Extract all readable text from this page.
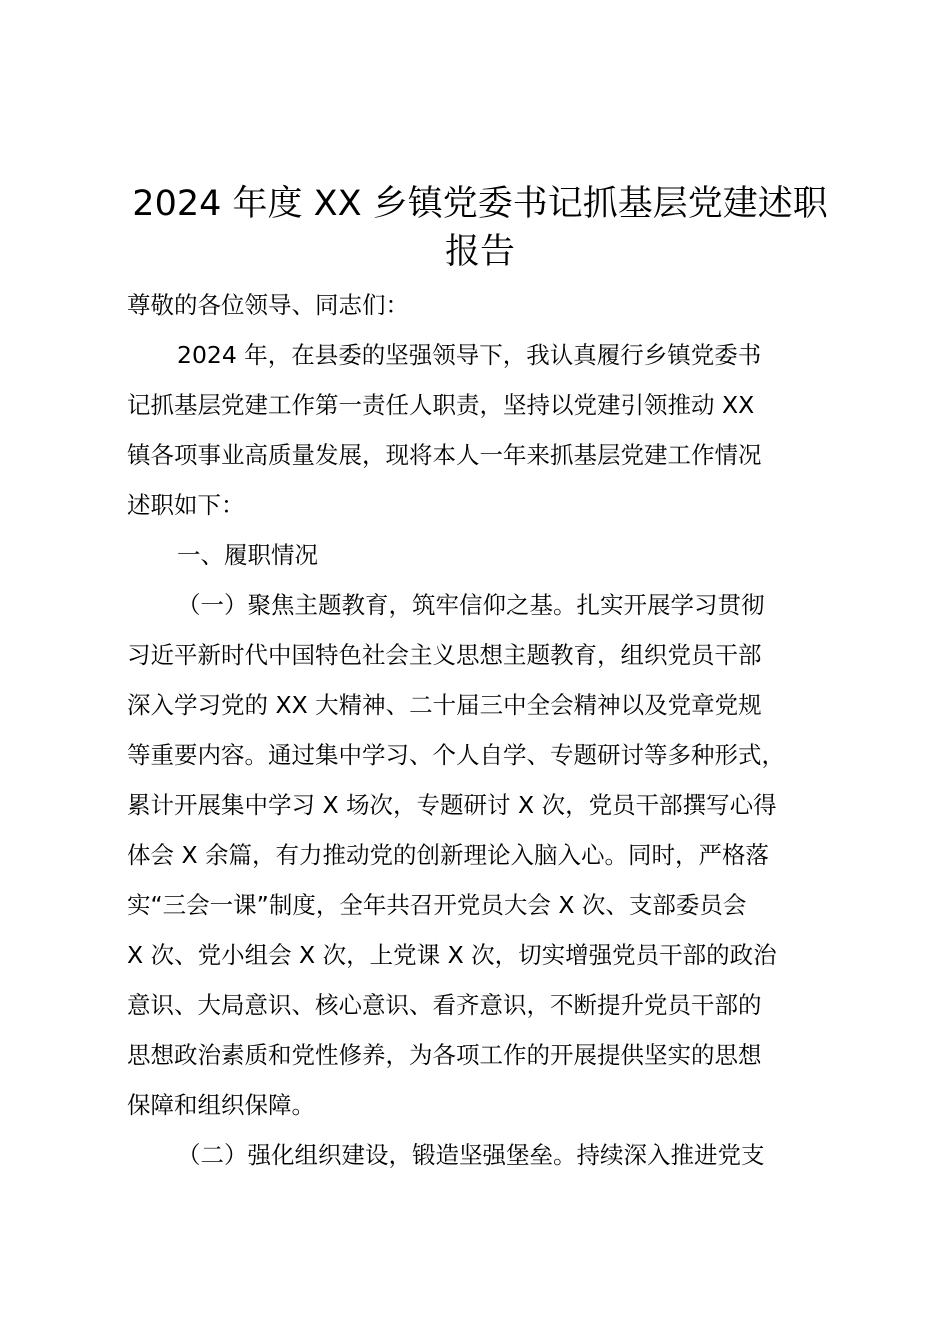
2024 年度 XX 乡镇党委书记抓基层党建述职
报告
尊敬的各位领导、同志们：
2024 年，在县委的坚强领导下，我认真履行乡镇党委书
记抓基层党建工作第一责任人职责，坚持以党建引领推动 XX
镇各项事业高质量发展，现将本人一年来抓基层党建工作情况
述职如下：
一、履职情况
（一）聚焦主题教育，筑牢信仰之基。扎实开展学习贯彻
习近平新时代中国特色社会主义思想主题教育，组织党员干部
深入学习党的 XX 大精神、二十届三中全会精神以及党章党规
等重要内容。通过集中学习、个人自学、专题研讨等多种形式，
累计开展集中学习 X 场次，专题研讨 X 次，党员干部撰写心得
体会 X 余篇，有力推动党的创新理论入脑入心。同时，严格落
实“三会一课”制度，全年共召开党员大会 X 次、支部委员会
X 次、党小组会 X 次，上党课 X 次，切实增强党员干部的政治
意识、大局意识、核心意识、看齐意识，不断提升党员干部的
思想政治素质和党性修养，为各项工作的开展提供坚实的思想
保障和组织保障。
（二）强化组织建设，锻造坚强堡垒。持续深入推进党支
